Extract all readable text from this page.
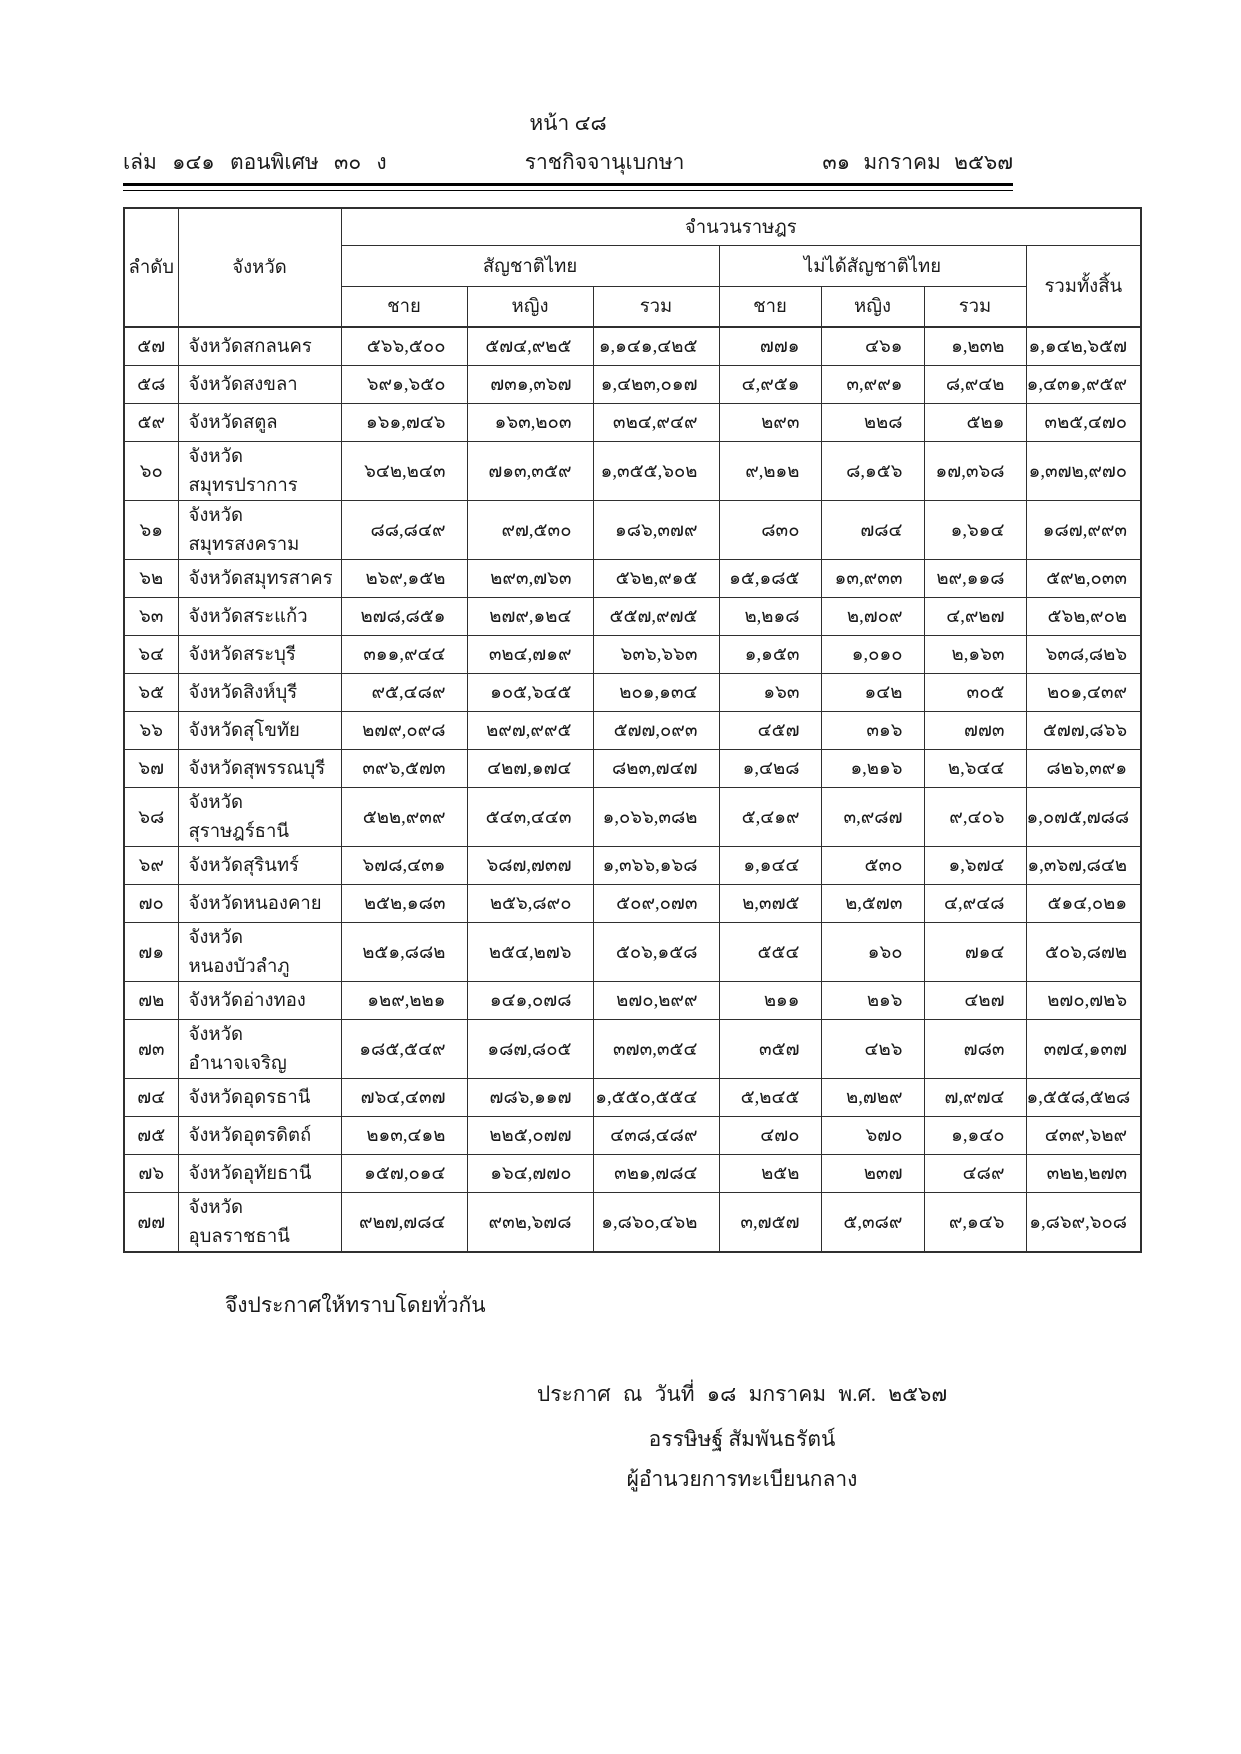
หน้า ๔๘
เล่ม ๑๔๑ ตอนพิเศษ ๓๐ ง	ราชกิจจานุเบกษา	๓๑ มกราคม ๒๕๖๗
ลำดับ	จังหวัด	จำนวนราษฎร						
		สัญชาติไทย			ไม่ได้สัญชาติไทย			รวมทั้งสิ้น
		ชาย	หญิง	รวม	ชาย	หญิง	รวม	
๕๗	จังหวัดสกลนคร	๕๖๖,๕๐๐	๕๗๔,๙๒๕	๑,๑๔๑,๔๒๕	๗๗๑	๔๖๑	๑,๒๓๒	๑,๑๔๒,๖๕๗
๕๘	จังหวัดสงขลา	๖๙๑,๖๕๐	๗๓๑,๓๖๗	๑,๔๒๓,๐๑๗	๔,๙๕๑	๓,๙๙๑	๘,๙๔๒	๑,๔๓๑,๙๕๙
๕๙	จังหวัดสตูล	๑๖๑,๗๔๖	๑๖๓,๒๐๓	๓๒๔,๙๔๙	๒๙๓	๒๒๘	๕๒๑	๓๒๕,๔๗๐
๖๐	จังหวัดสมุทรปราการ	๖๔๒,๒๔๓	๗๑๓,๓๕๙	๑,๓๕๕,๖๐๒	๙,๒๑๒	๘,๑๕๖	๑๗,๓๖๘	๑,๓๗๒,๙๗๐
๖๑	จังหวัดสมุทรสงคราม	๘๘,๘๔๙	๙๗,๕๓๐	๑๘๖,๓๗๙	๘๓๐	๗๘๔	๑,๖๑๔	๑๘๗,๙๙๓
๖๒	จังหวัดสมุทรสาคร	๒๖๙,๑๕๒	๒๙๓,๗๖๓	๕๖๒,๙๑๕	๑๕,๑๘๕	๑๓,๙๓๓	๒๙,๑๑๘	๕๙๒,๐๓๓
๖๓	จังหวัดสระแก้ว	๒๗๘,๘๕๑	๒๗๙,๑๒๔	๕๕๗,๙๗๕	๒,๒๑๘	๒,๗๐๙	๔,๙๒๗	๕๖๒,๙๐๒
๖๔	จังหวัดสระบุรี	๓๑๑,๙๔๔	๓๒๔,๗๑๙	๖๓๖,๖๖๓	๑,๑๕๓	๑,๐๑๐	๒,๑๖๓	๖๓๘,๘๒๖
๖๕	จังหวัดสิงห์บุรี	๙๕,๔๘๙	๑๐๕,๖๔๕	๒๐๑,๑๓๔	๑๖๓	๑๔๒	๓๐๕	๒๐๑,๔๓๙
๖๖	จังหวัดสุโขทัย	๒๗๙,๐๙๘	๒๙๗,๙๙๕	๕๗๗,๐๙๓	๔๕๗	๓๑๖	๗๗๓	๕๗๗,๘๖๖
๖๗	จังหวัดสุพรรณบุรี	๓๙๖,๕๗๓	๔๒๗,๑๗๔	๘๒๓,๗๔๗	๑,๔๒๘	๑,๒๑๖	๒,๖๔๔	๘๒๖,๓๙๑
๖๘	จังหวัดสุราษฎร์ธานี	๕๒๒,๙๓๙	๕๔๓,๔๔๓	๑,๐๖๖,๓๘๒	๕,๔๑๙	๓,๙๘๗	๙,๔๐๖	๑,๐๗๕,๗๘๘
๖๙	จังหวัดสุรินทร์	๖๗๘,๔๓๑	๖๘๗,๗๓๗	๑,๓๖๖,๑๖๘	๑,๑๔๔	๕๓๐	๑,๖๗๔	๑,๓๖๗,๘๔๒
๗๐	จังหวัดหนองคาย	๒๕๒,๑๘๓	๒๕๖,๘๙๐	๕๐๙,๐๗๓	๒,๓๗๕	๒,๕๗๓	๔,๙๔๘	๕๑๔,๐๒๑
๗๑	จังหวัดหนองบัวลำภู	๒๕๑,๘๘๒	๒๕๔,๒๗๖	๕๐๖,๑๕๘	๕๕๔	๑๖๐	๗๑๔	๕๐๖,๘๗๒
๗๒	จังหวัดอ่างทอง	๑๒๙,๒๒๑	๑๔๑,๐๗๘	๒๗๐,๒๙๙	๒๑๑	๒๑๖	๔๒๗	๒๗๐,๗๒๖
๗๓	จังหวัดอำนาจเจริญ	๑๘๕,๕๔๙	๑๘๗,๘๐๕	๓๗๓,๓๕๔	๓๕๗	๔๒๖	๗๘๓	๓๗๔,๑๓๗
๗๔	จังหวัดอุดรธานี	๗๖๔,๔๓๗	๗๘๖,๑๑๗	๑,๕๕๐,๕๕๔	๕,๒๔๕	๒,๗๒๙	๗,๙๗๔	๑,๕๕๘,๕๒๘
๗๕	จังหวัดอุตรดิตถ์	๒๑๓,๔๑๒	๒๒๕,๐๗๗	๔๓๘,๔๘๙	๔๗๐	๖๗๐	๑,๑๔๐	๔๓๙,๖๒๙
๗๖	จังหวัดอุทัยธานี	๑๕๗,๐๑๔	๑๖๔,๗๗๐	๓๒๑,๗๘๔	๒๕๒	๒๓๗	๔๘๙	๓๒๒,๒๗๓
๗๗	จังหวัดอุบลราชธานี	๙๒๗,๗๘๔	๙๓๒,๖๗๘	๑,๘๖๐,๔๖๒	๓,๗๕๗	๕,๓๘๙	๙,๑๔๖	๑,๘๖๙,๖๐๘
จึงประกาศให้ทราบโดยทั่วกัน
ประกาศ ณ วันที่ ๑๘ มกราคม พ.ศ. ๒๕๖๗
อรรษิษฐ์ สัมพันธรัตน์
ผู้อำนวยการทะเบียนกลาง
